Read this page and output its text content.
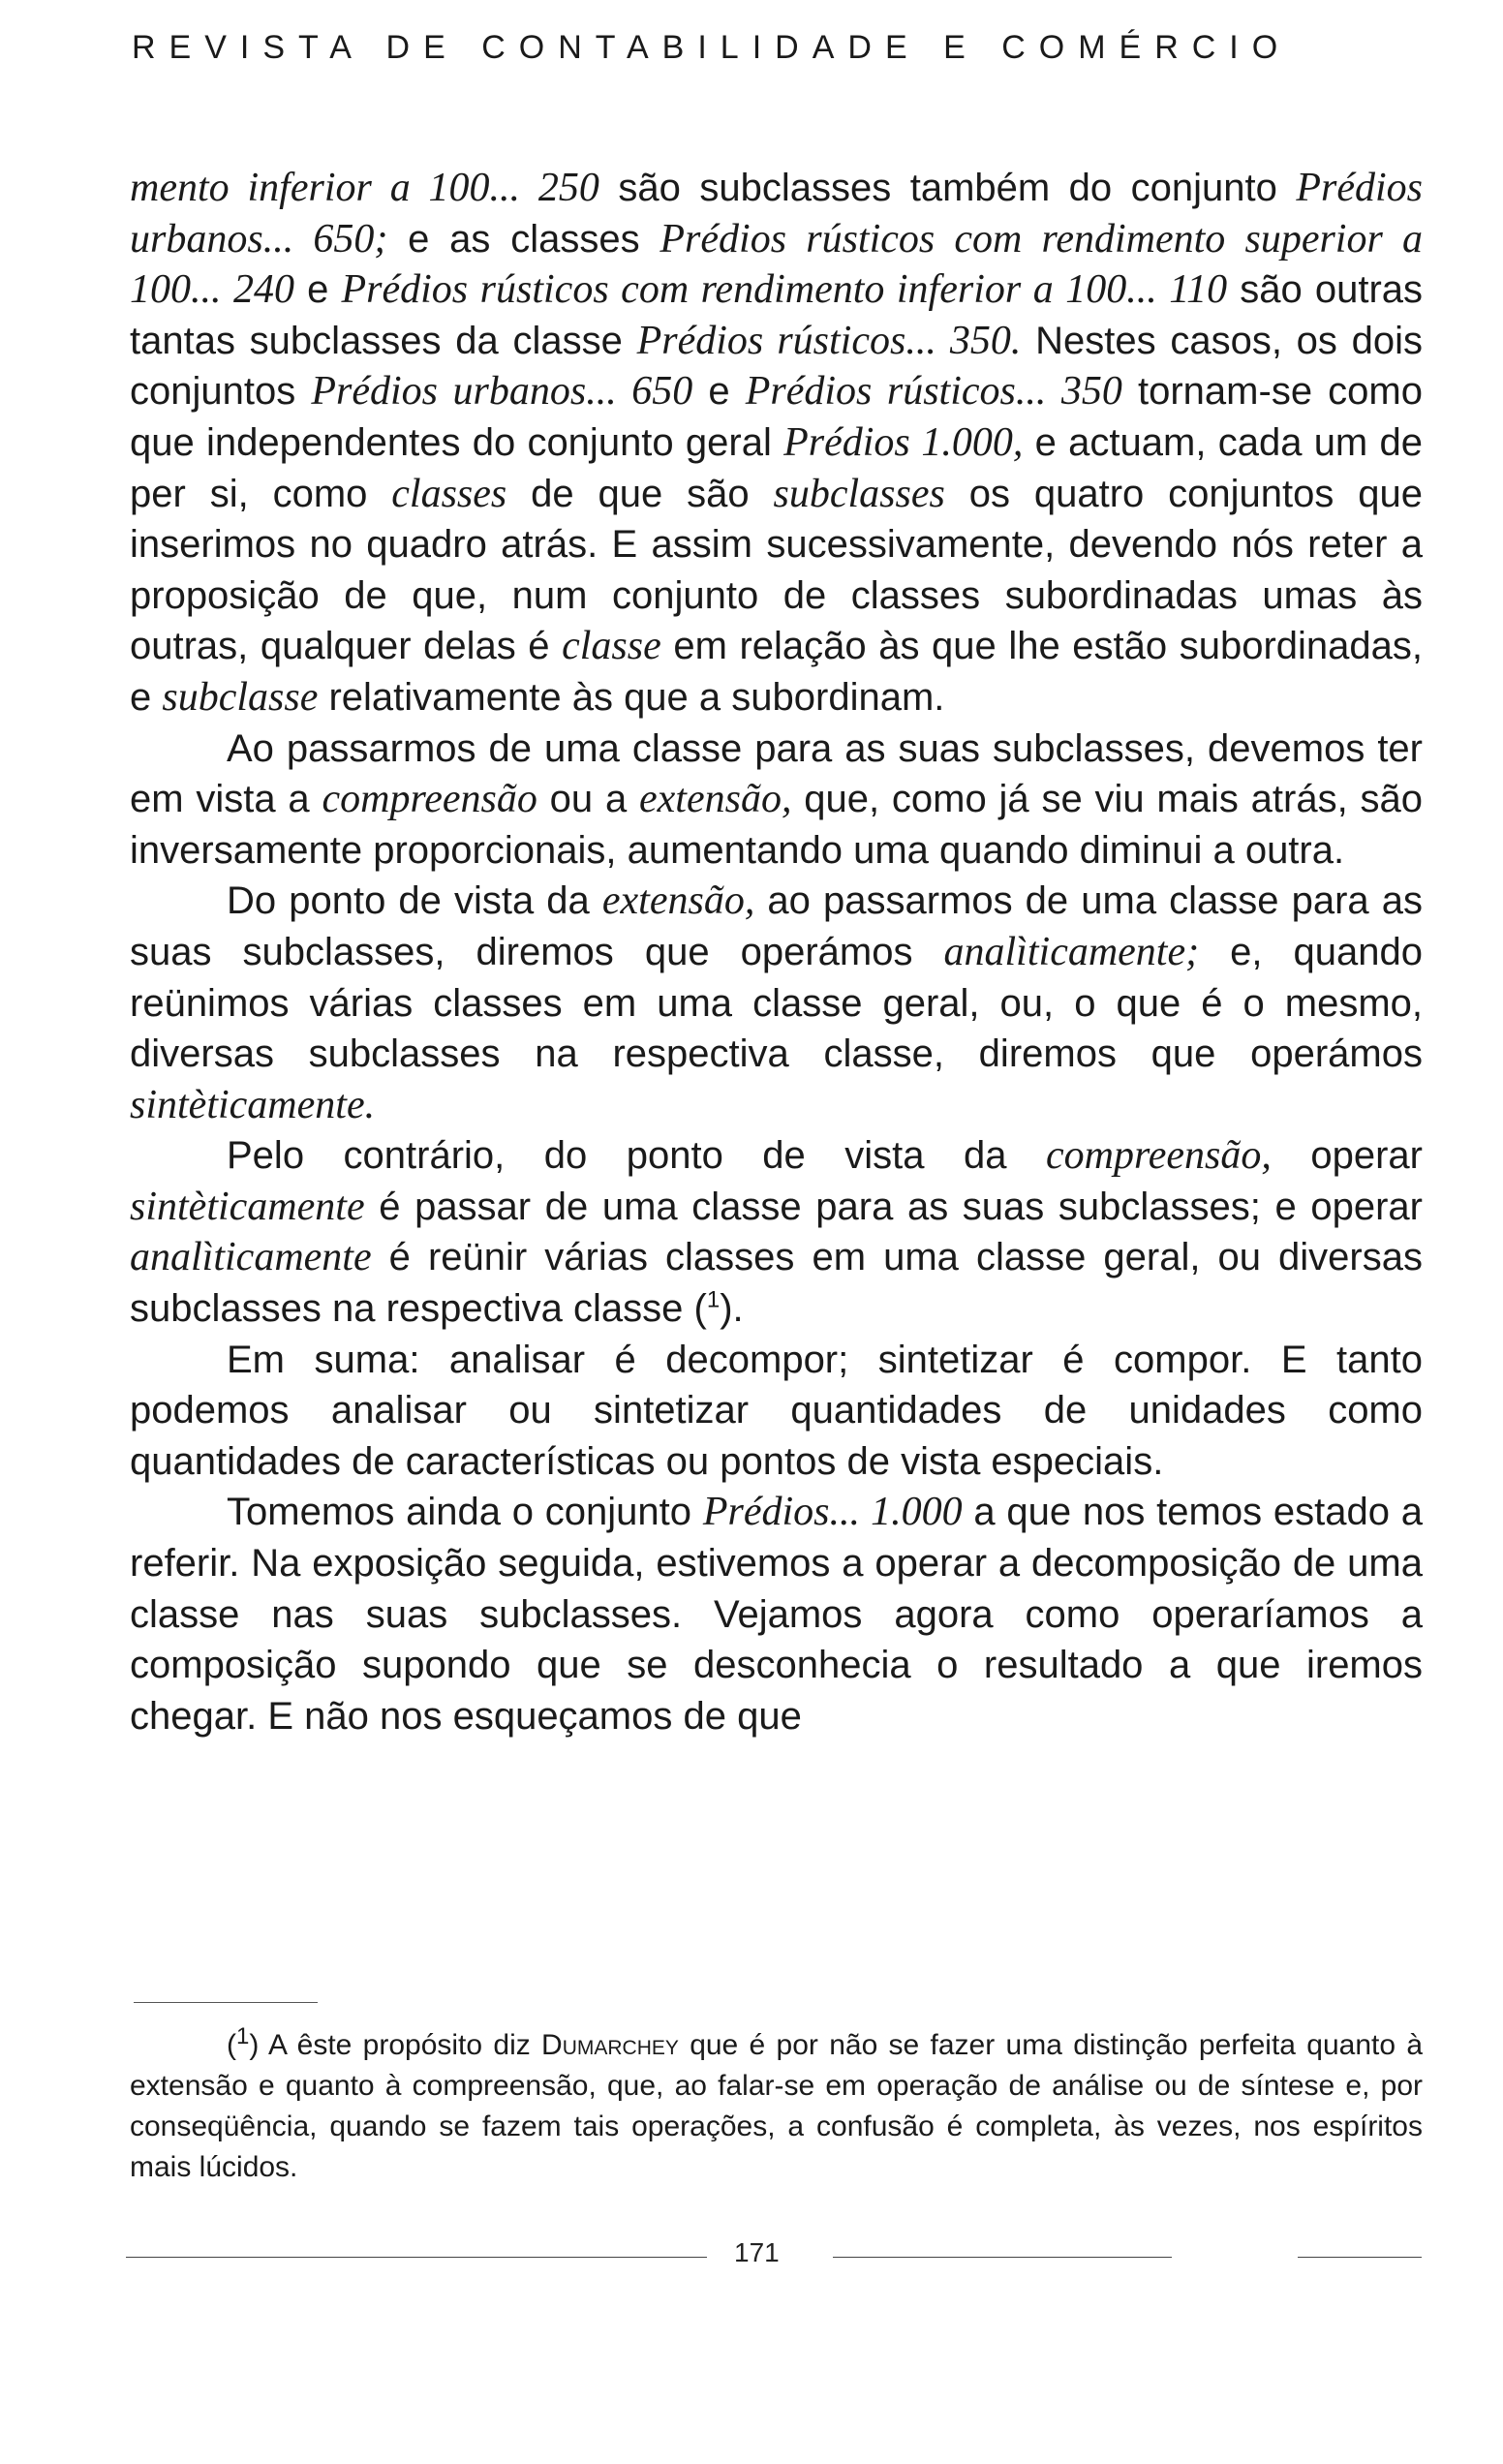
REVISTA DE CONTABILIDADE E COMÉRCIO

mento inferior a 100... 250 são subclasses também do conjunto Prédios urbanos... 650; e as classes Prédios rústicos com rendimento superior a 100... 240 e Prédios rústicos com rendimento inferior a 100... 110 são outras tantas subclasses da classe Prédios rústicos... 350. Nestes casos, os dois conjuntos Prédios urbanos... 650 e Prédios rústicos... 350 tornam-se como que independentes do conjunto geral Prédios 1.000, e actuam, cada um de per si, como classes de que são subclasses os quatro conjuntos que inserimos no quadro atrás. E assim sucessivamente, devendo nós reter a proposição de que, num conjunto de classes subordinadas umas às outras, qualquer delas é classe em relação às que lhe estão subordinadas, e subclasse relativamente às que a subordinam.

Ao passarmos de uma classe para as suas subclasses, devemos ter em vista a compreensão ou a extensão, que, como já se viu mais atrás, são inversamente proporcionais, aumentando uma quando diminui a outra.

Do ponto de vista da extensão, ao passarmos de uma classe para as suas subclasses, diremos que operámos analìticamente; e, quando reünimos várias classes em uma classe geral, ou, o que é o mesmo, diversas subclasses na respectiva classe, diremos que operámos sintèticamente.

Pelo contrário, do ponto de vista da compreensão, operar sintèticamente é passar de uma classe para as suas subclasses; e operar analìticamente é reünir várias classes em uma classe geral, ou diversas subclasses na respectiva classe ($^1$).

Em suma: analisar é decompor; sintetizar é compor. E tanto podemos analisar ou sintetizar quantidades de unidades como quantidades de características ou pontos de vista especiais.

Tomemos ainda o conjunto Prédios... 1.000 a que nos temos estado a referir. Na exposição seguida, estivemos a operar a decomposição de uma classe nas suas subclasses. Vejamos agora como operaríamos a composição supondo que se desconhecia o resultado a que iremos chegar. E não nos esqueçamos de que

($^1$) A êste propósito diz Dumarchey que é por não se fazer uma distinção perfeita quanto à extensão e quanto à compreensão, que, ao falar-se em operação de análise ou de síntese e, por conseqüência, quando se fazem tais operações, a confusão é completa, às vezes, nos espíritos mais lúcidos.

171
